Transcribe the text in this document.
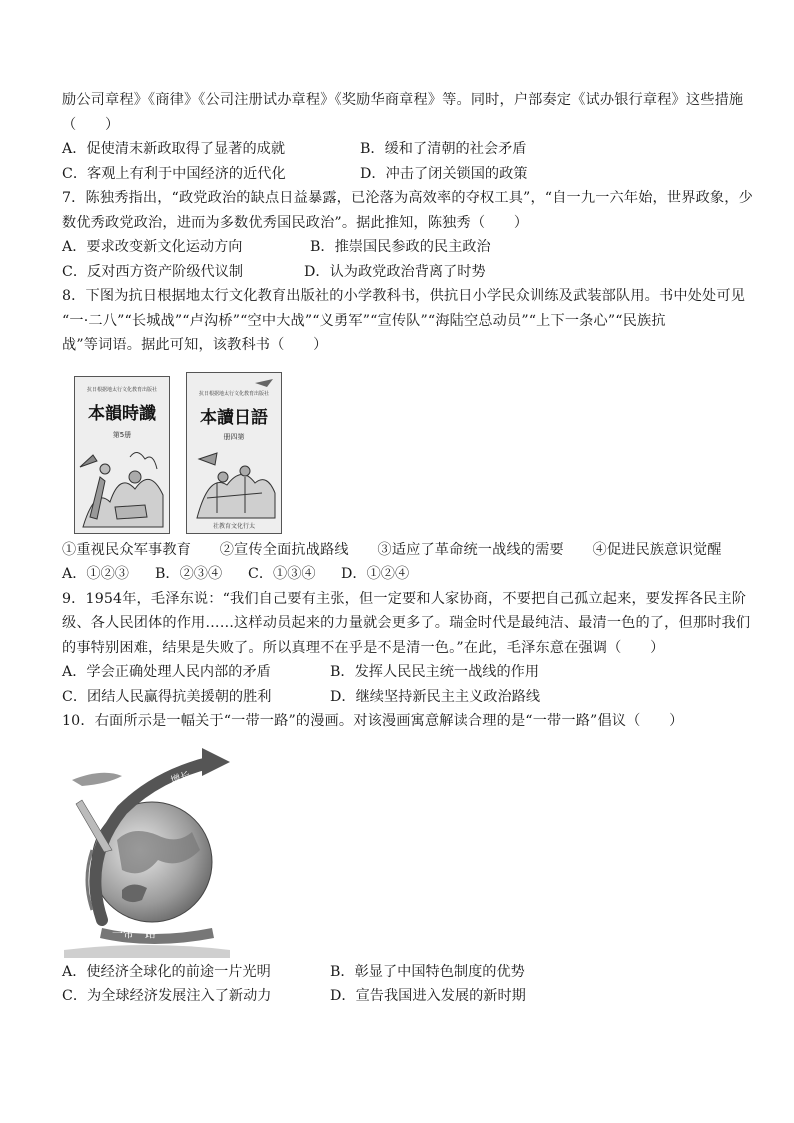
励公司章程》《商律》《公司注册试办章程》《奖励华商章程》等。同时，户部奏定《试办银行章程》这些措施
（　　）
A．促使清末新政取得了显著的成就	B．缓和了清朝的社会矛盾
C．客观上有利于中国经济的近代化	D．冲击了闭关锁国的政策
7．陈独秀指出，“政党政治的缺点日益暴露，已沦落为高效率的夺权工具”，“自一九一六年始，世界政象，少
数优秀政党政治，进而为多数优秀国民政治”。据此推知，陈独秀（　　）
A．要求改变新文化运动方向	B．推崇国民参政的民主政治
C．反对西方资产阶级代议制	D．认为政党政治背离了时势
8．下图为抗日根据地太行文化教育出版社的小学教科书，供抗日小学民众训练及武装部队用。书中处处可见
“一·二八”“长城战”“卢沟桥”“空中大战”“义勇军”“宣传队”“海陆空总动员”“上下一条心”“民族抗
战”等词语。据此可知，该教科书（　　）
抗日根据地太行文化教育出版社
本韻時讖
第5册
抗日根据地太行文化教育出版社
本讀日語
册四第
社教育文化行太
①重视民众军事教育　　②宣传全面抗战路线　　③适应了革命统一战线的需要　　④促进民族意识觉醒
A．①②③	B．②③④	C．①③④	D．①②④
9．1954年，毛泽东说：“我们自己要有主张，但一定要和人家协商，不要把自己孤立起来，要发挥各民主阶
级、各人民团体的作用……这样动员起来的力量就会更多了。瑞金时代是最纯洁、最清一色的了，但那时我们
的事特别困难，结果是失败了。所以真理不在乎是不是清一色。”在此，毛泽东意在强调（　　）
A．学会正确处理人民内部的矛盾	B．发挥人民民主统一战线的作用
C．团结人民赢得抗美援朝的胜利	D．继续坚持新民主主义政治路线
10．右面所示是一幅关于“一带一路”的漫画。对该漫画寓意解读合理的是“一带一路”倡议（　　）
增长
一带一路
A．使经济全球化的前途一片光明	B．彰显了中国特色制度的优势
C．为全球经济发展注入了新动力	D．宣告我国进入发展的新时期
